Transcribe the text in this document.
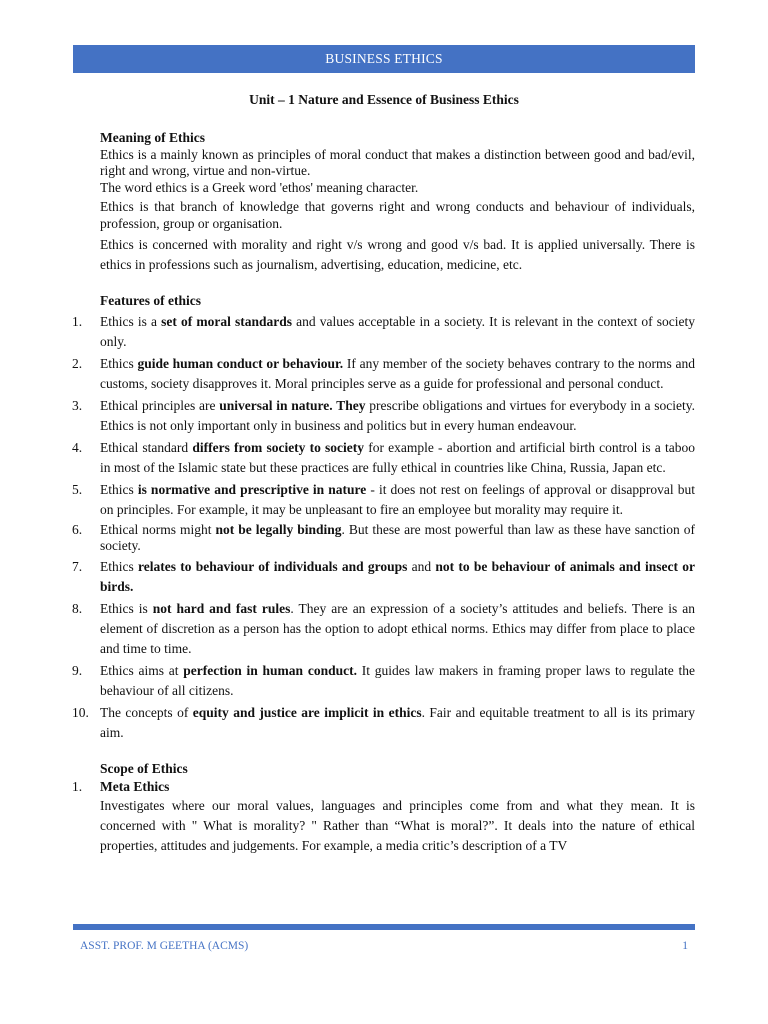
BUSINESS ETHICS
Unit – 1 Nature and Essence of Business Ethics

Meaning of Ethics

Ethics is a mainly known as principles of moral conduct that makes a distinction between good and bad/evil, right and wrong, virtue and non-virtue.

The word ethics is a Greek word 'ethos' meaning character.

Ethics is that branch of knowledge that governs right and wrong conducts and behaviour of individuals, profession, group or organisation.

Ethics is concerned with morality and right v/s wrong and good v/s bad. It is applied universally. There is ethics in professions such as journalism, advertising, education, medicine, etc.

Features of ethics

1.	Ethics is a set of moral standards and values acceptable in a society. It is relevant in the context of society only.
2.	Ethics guide human conduct or behaviour. If any member of the society behaves contrary to the norms and customs, society disapproves it. Moral principles serve as a guide for professional and personal conduct.
3.	Ethical principles are universal in nature. They prescribe obligations and virtues for everybody in a society. Ethics is not only important only in business and politics but in every human endeavour.
4.	Ethical standard differs from society to society for example - abortion and artificial birth control is a taboo in most of the Islamic state but these practices are fully ethical in countries like China, Russia, Japan etc.
5.	Ethics is normative and prescriptive in nature - it does not rest on feelings of approval or disapproval but on principles. For example, it may be unpleasant to fire an employee but morality may require it.
6.	Ethical norms might not be legally binding. But these are most powerful than law as these have sanction of society.
7.	Ethics relates to behaviour of individuals and groups and not to be behaviour of animals and insect or birds.
8.	Ethics is not hard and fast rules. They are an expression of a society’s attitudes and beliefs. There is an element of discretion as a person has the option to adopt ethical norms. Ethics may differ from place to place and time to time.
9.	Ethics aims at perfection in human conduct. It guides law makers in framing proper laws to regulate the behaviour of all citizens.
10. The concepts of equity and justice are implicit in ethics. Fair and equitable treatment to all is its primary aim.

Scope of Ethics

1.	Meta Ethics
Investigates where our moral values, languages and principles come from and what they mean. It is concerned with " What is morality? " Rather than “What is moral?”. It deals into the nature of ethical properties, attitudes and judgements. For example, a media critic’s description of a TV
ASST. PROF. M GEETHA (ACMS)	1
